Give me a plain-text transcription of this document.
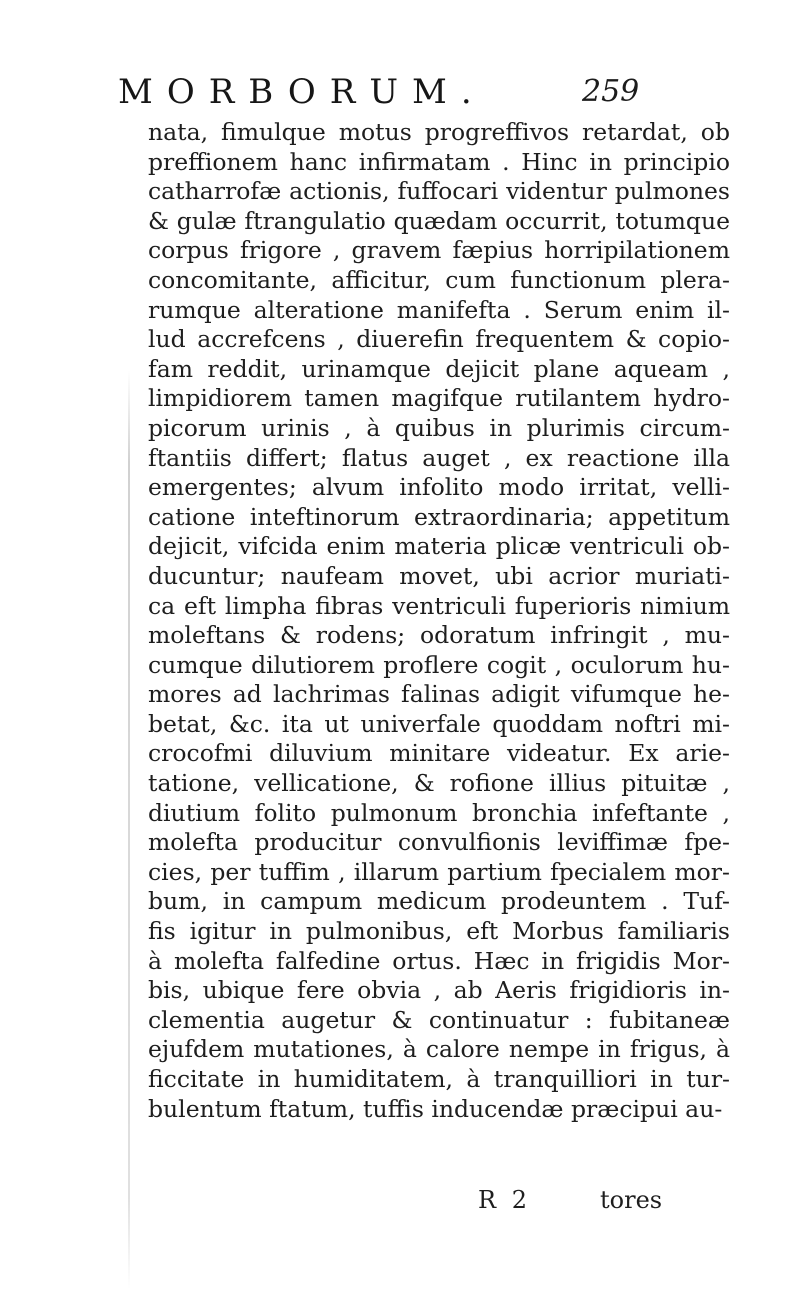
MORBORUM.	259
nata, fimulque motus progreffivos retardat, ob
preffionem hanc infirmatam . Hinc in principio
catharrofæ actionis, fuffocari videntur pulmones
& gulæ ftrangulatio quædam occurrit, totumque
corpus frigore , gravem fæpius horripilationem
concomitante, afficitur, cum functionum plera-
rumque alteratione manifefta . Serum enim il-
lud accrefcens , diuerefin frequentem & copio-
fam reddit, urinamque dejicit plane aqueam ,
limpidiorem tamen magifque rutilantem hydro-
picorum urinis , à quibus in plurimis circum-
ftantiis differt; flatus auget , ex reactione illa
emergentes; alvum infolito modo irritat, velli-
catione inteftinorum extraordinaria; appetitum
dejicit, vifcida enim materia plicæ ventriculi ob-
ducuntur; naufeam movet, ubi acrior muriati-
ca eft limpha fibras ventriculi fuperioris nimium
moleftans & rodens; odoratum infringit , mu-
cumque dilutiorem proflere cogit , oculorum hu-
mores ad lachrimas falinas adigit vifumque he-
betat, &c. ita ut univerfale quoddam noftri mi-
crocofmi diluvium minitare videatur. Ex arie-
tatione, vellicatione, & rofione illius pituitæ ,
diutium folito pulmonum bronchia infeftante ,
molefta producitur convulfionis leviffimæ fpe-
cies, per tuffim , illarum partium fpecialem mor-
bum, in campum medicum prodeuntem . Tuf-
fis igitur in pulmonibus, eft Morbus familiaris
à molefta falfedine ortus. Hæc in frigidis Mor-
bis, ubique fere obvia , ab Aeris frigidioris in-
clementia augetur & continuatur : fubitaneæ
ejufdem mutationes, à calore nempe in frigus, à
ficcitate in humiditatem, à tranquilliori in tur-
bulentum ftatum, tuffis inducendæ præcipui au-
R 2	tores
